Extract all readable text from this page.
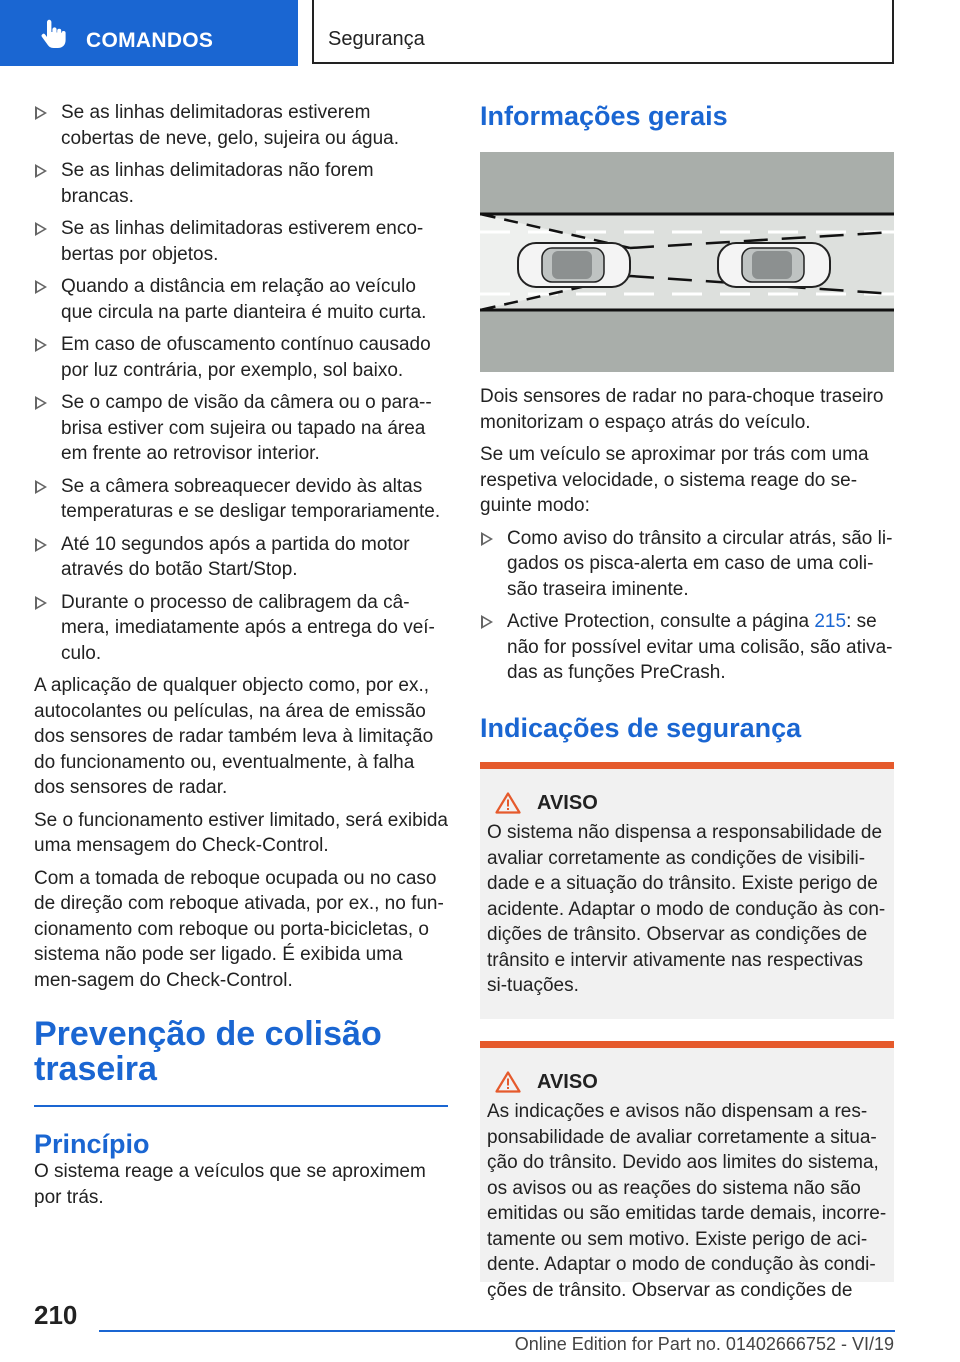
COMANDOS	Segurança
Se as linhas delimitadoras estiverem cobertas de neve, gelo, sujeira ou água.
Se as linhas delimitadoras não forem brancas.
Se as linhas delimitadoras estiverem enco-bertas por objetos.
Quando a distância em relação ao veículo que circula na parte dianteira é muito curta.
Em caso de ofuscamento contínuo causado por luz contrária, por exemplo, sol baixo.
Se o campo de visão da câmera ou o para--brisa estiver com sujeira ou tapado na área em frente ao retrovisor interior.
Se a câmera sobreaquecer devido às altas temperaturas e se desligar temporariamente.
Até 10 segundos após a partida do motor através do botão Start/Stop.
Durante o processo de calibragem da câ-mera, imediatamente após a entrega do veí-culo.

A aplicação de qualquer objecto como, por ex., autocolantes ou películas, na área de emissão dos sensores de radar também leva à limitação do funcionamento ou, eventualmente, à falha dos sensores de radar.

Se o funcionamento estiver limitado, será exibida uma mensagem do Check-Control.

Com a tomada de reboque ocupada ou no caso de direção com reboque ativada, por ex., no fun-cionamento com reboque ou porta-bicicletas, o sistema não pode ser ligado. É exibida uma men-sagem do Check-Control.

Prevenção de colisão traseira
Princípio

O sistema reage a veículos que se aproximem por trás.

Informações gerais

Dois sensores de radar no para-choque traseiro monitorizam o espaço atrás do veículo.

Se um veículo se aproximar por trás com uma respetiva velocidade, o sistema reage do se-guinte modo:

Como aviso do trânsito a circular atrás, são li-gados os pisca-alerta em caso de uma coli-são traseira iminente.
Active Protection, consulte a página 215: se não for possível evitar uma colisão, são ativa-das as funções PreCrash.
Indicações de segurança
AVISO
O sistema não dispensa a responsabilidade de avaliar corretamente as condições de visibili-dade e a situação do trânsito. Existe perigo de acidente. Adaptar o modo de condução às con-dições de trânsito. Observar as condições de trânsito e intervir ativamente nas respectivas si-tuações.
AVISO
As indicações e avisos não dispensam a res-ponsabilidade de avaliar corretamente a situa-ção do trânsito. Devido aos limites do sistema, os avisos ou as reações do sistema não são emitidas ou são emitidas tarde demais, incorre-tamente ou sem motivo. Existe perigo de aci-dente. Adaptar o modo de condução às condi-ções de trânsito. Observar as condições de
210
Online Edition for Part no. 01402666752 - VI/19
